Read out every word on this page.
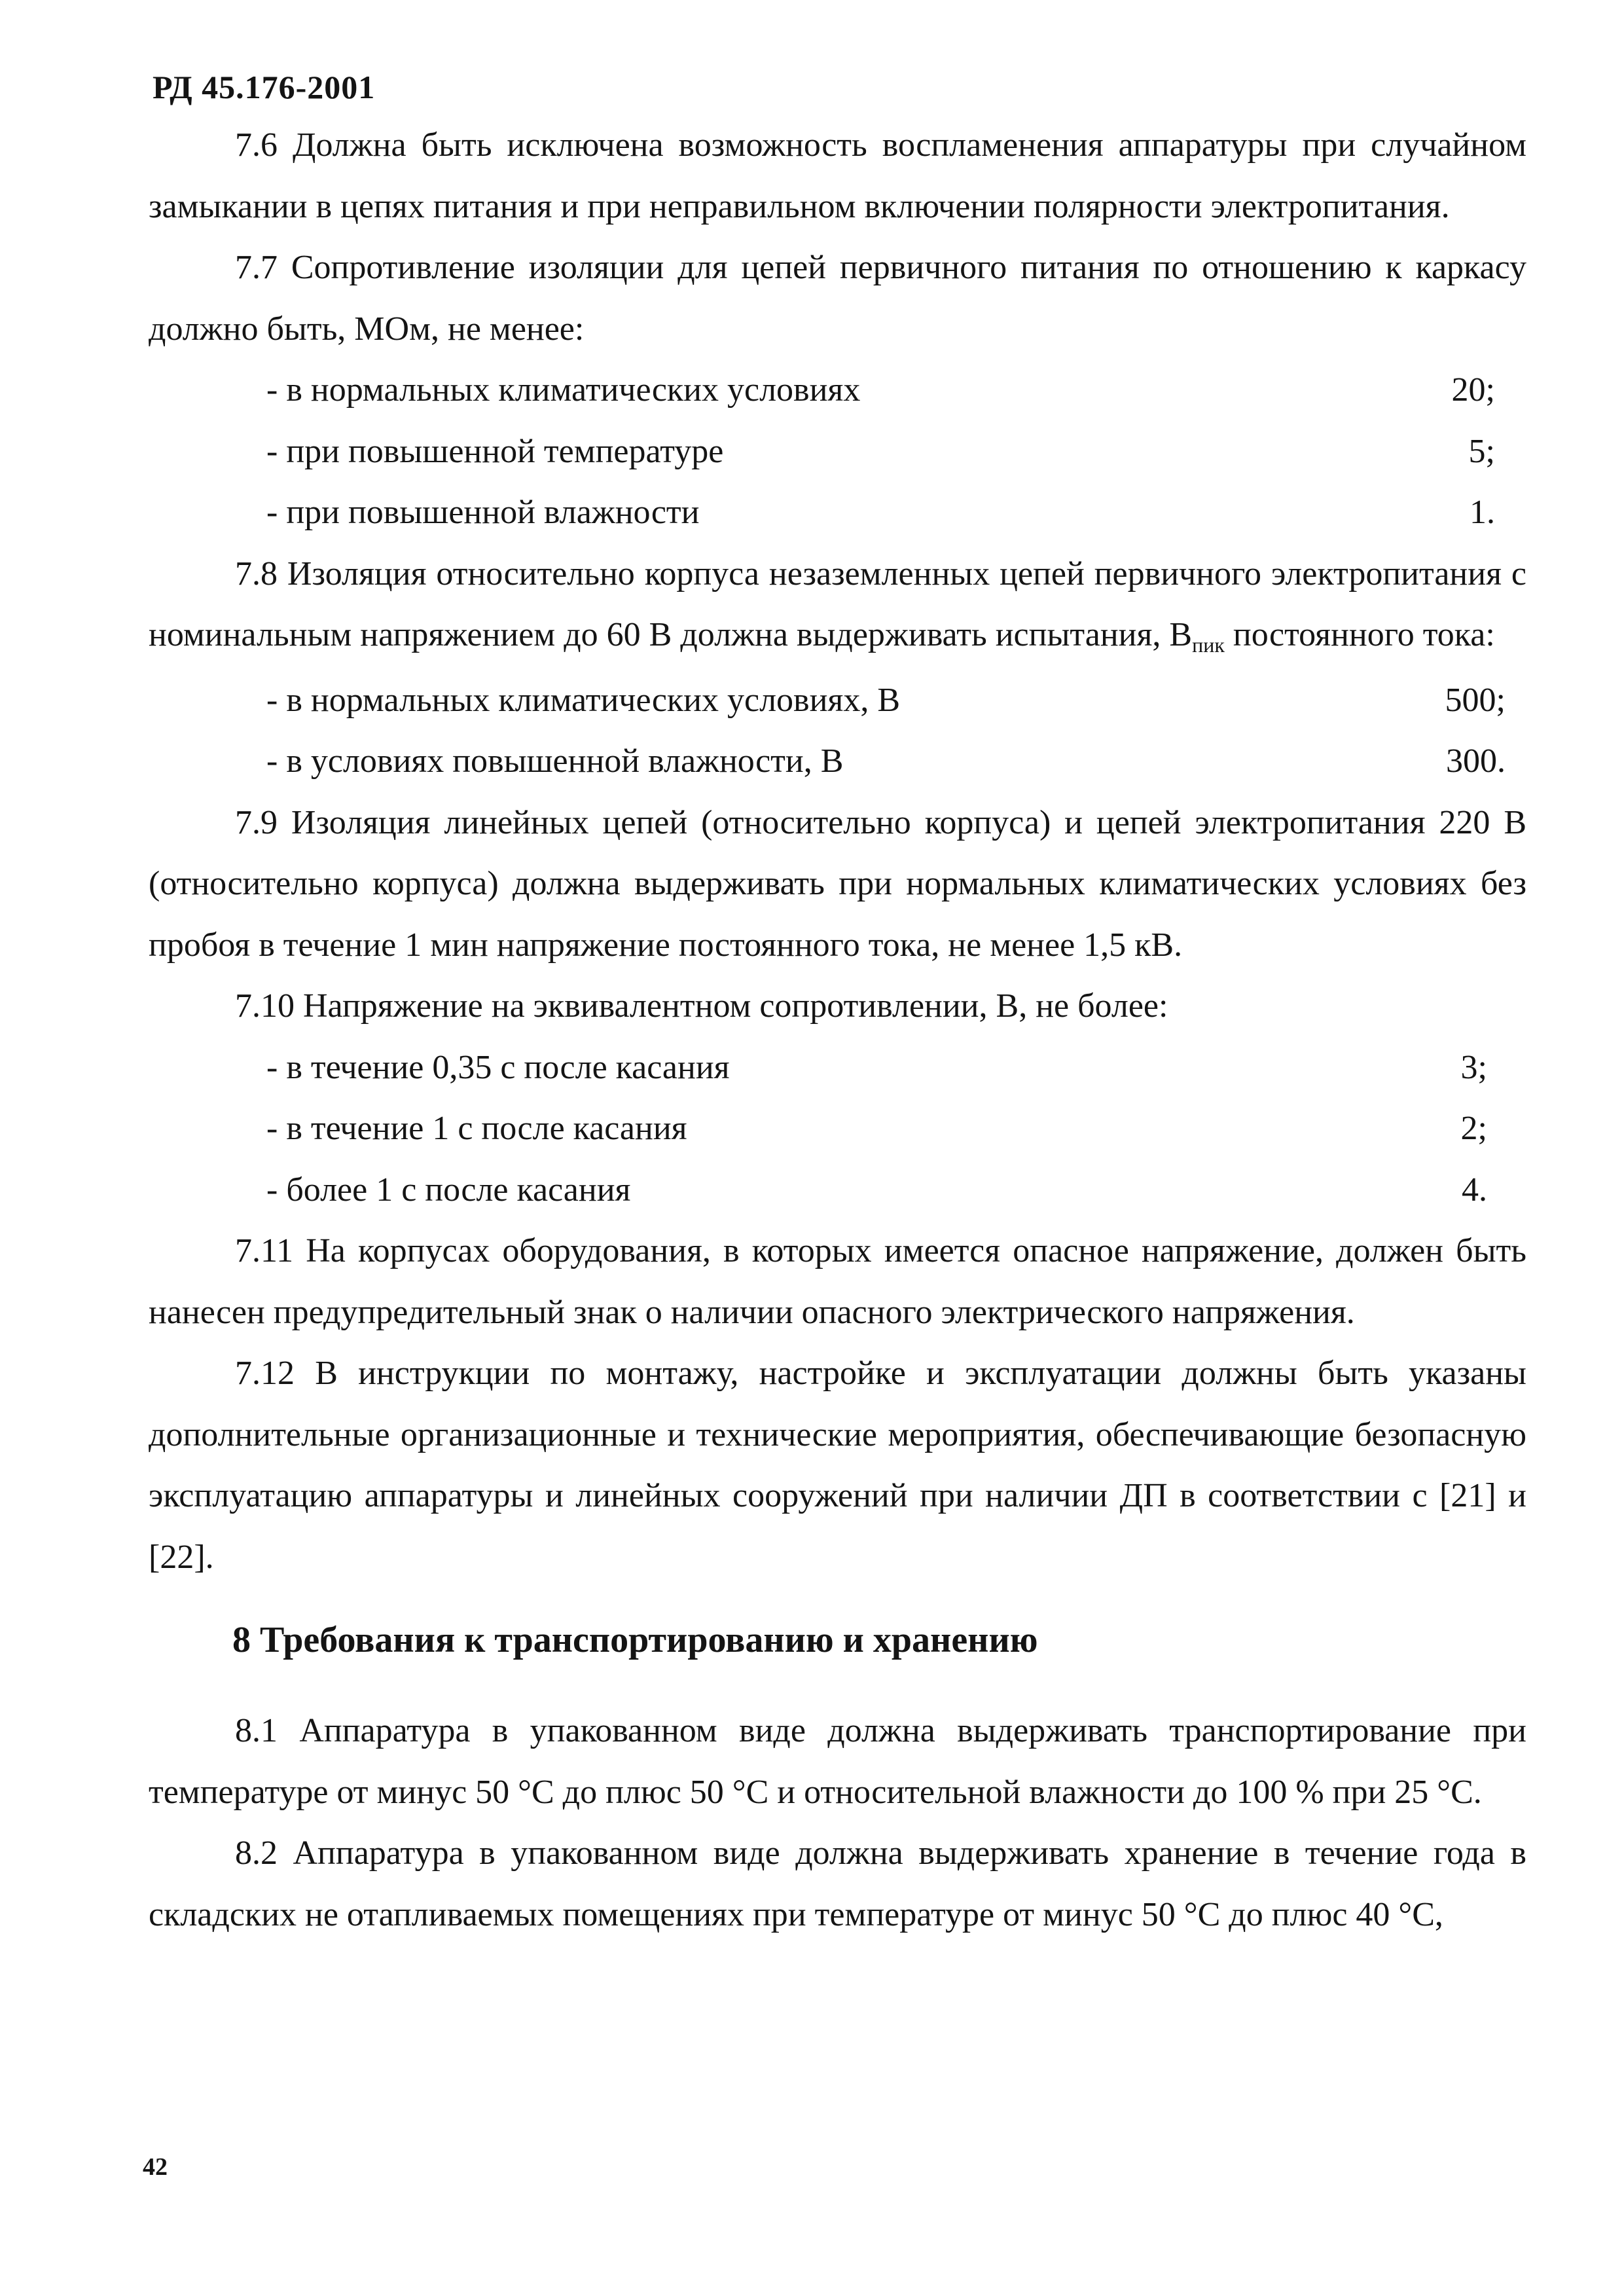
РД 45.176-2001

7.6 Должна быть исключена возможность воспламенения аппаратуры при случайном замыкании в цепях питания и при неправильном включении полярности электропитания.

7.7 Сопротивление изоляции для цепей первичного питания по отношению к каркасу должно быть, МОм, не менее:

- в нормальных климатических условиях	20;
- при повышенной температуре	5;
- при повышенной влажности	1.

7.8 Изоляция относительно корпуса незаземленных цепей первичного электропитания с номинальным напряжением до 60 В должна выдерживать испытания, Впик постоянного тока:

- в нормальных климатических условиях, В	500;
- в условиях повышенной влажности, В	300.

7.9 Изоляция линейных цепей (относительно корпуса) и цепей электропитания 220 В (относительно корпуса) должна выдерживать при нормальных климатических условиях без пробоя в течение 1 мин напряжение постоянного тока, не менее 1,5 кВ.

7.10 Напряжение на эквивалентном сопротивлении, В, не более:

- в течение 0,35 с после касания	3;
- в течение 1 с после касания	2;
- более 1 с после касания	4.

7.11 На корпусах оборудования, в которых имеется опасное напряжение, должен быть нанесен предупредительный знак о наличии опасного электрического напряжения.

7.12 В инструкции по монтажу, настройке и эксплуатации должны быть указаны дополнительные организационные и технические мероприятия, обеспечивающие безопасную эксплуатацию аппаратуры и линейных сооружений при наличии ДП в соответствии с [21] и [22].

8 Требования к транспортированию и хранению

8.1 Аппаратура в упакованном виде должна выдерживать транспортирование при температуре от минус 50 °С до плюс 50 °С и относительной влажности до 100 % при 25 °С.

8.2 Аппаратура в упакованном виде должна выдерживать хранение в течение года в складских не отапливаемых помещениях при температуре от минус 50 °С до плюс 40 °С,

42
